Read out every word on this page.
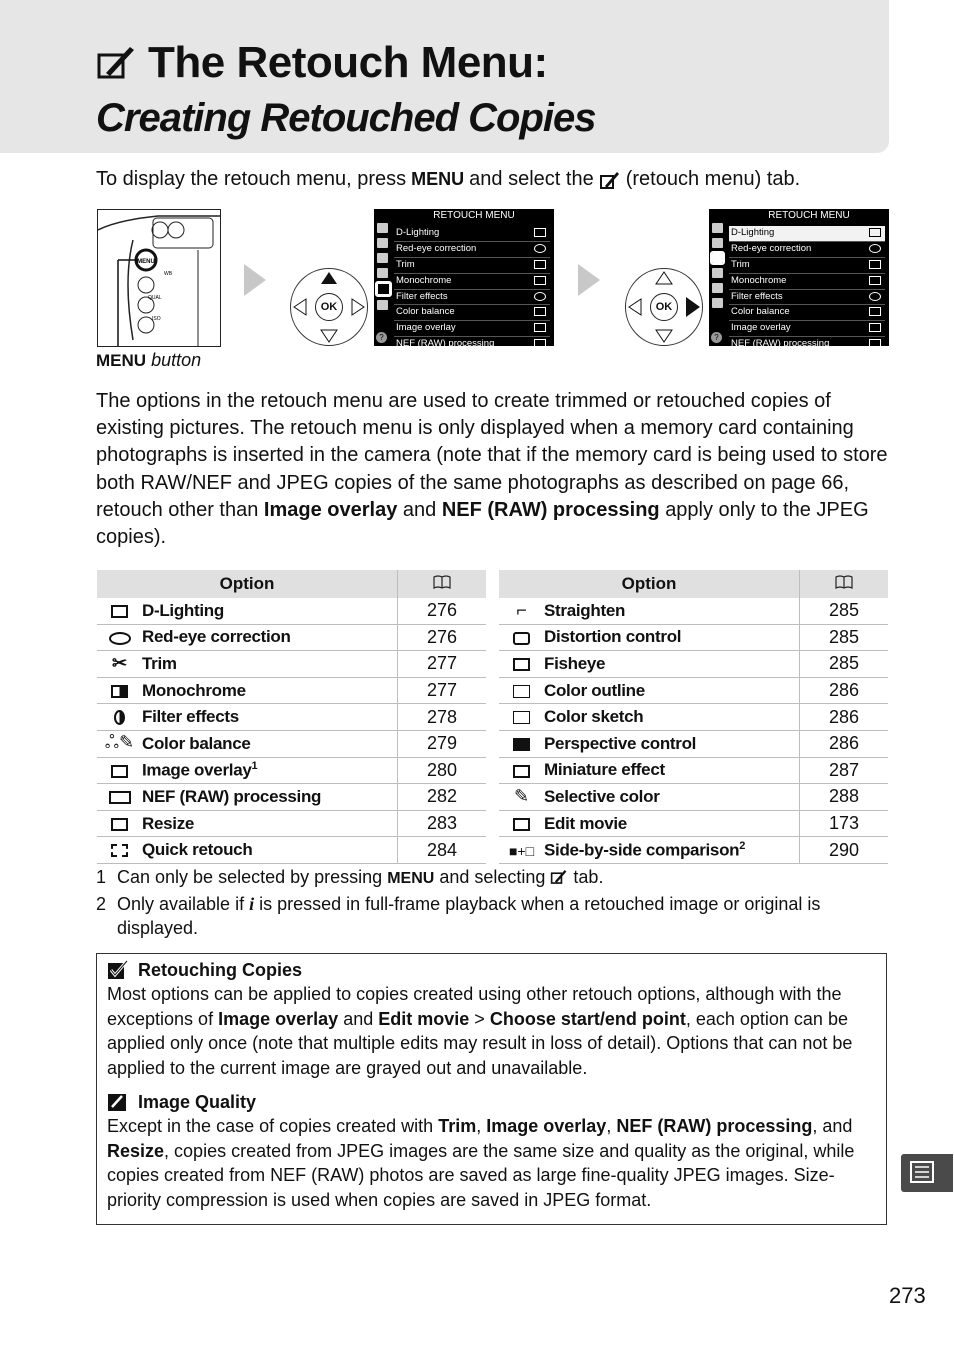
The Retouch Menu:
Creating Retouched Copies
To display the retouch menu, press MENU and select the (retouch menu) tab.
MENU
WB
QUAL
ISO
MENU button
OK
RETOUCH MENU
D-Lighting
Red-eye correction
Trim
Monochrome
Filter effects
Color balance
Image overlay
NEF (RAW) processing
?
OK
RETOUCH MENU
D-Lighting
Red-eye correction
Trim
Monochrome
Filter effects
Color balance
Image overlay
NEF (RAW) processing
?
The options in the retouch menu are used to create trimmed or retouched copies of existing pictures. The retouch menu is only displayed when a memory card containing photographs is inserted in the camera (note that if the memory card is being used to store both RAW/NEF and JPEG copies of the same photographs as described on page 66, retouch other than Image overlay and NEF (RAW) processing apply only to the JPEG copies).
Option	
	D-Lighting	276
	Red-eye correction	276
✂	Trim	277
	Monochrome	277
	Filter effects	278
ஃ✎	Color balance	279
	Image overlay$^1$	280
	NEF (RAW) processing	282
	Resize	283
	Quick retouch	284
Option	
⌐	Straighten	285
	Distortion control	285
	Fisheye	285
	Color outline	286
	Color sketch	286
	Perspective control	286
	Miniature effect	287
✎	Selective color	288
	Edit movie	173
■+□	Side-by-side comparison$^2$	290
1 Can only be selected by pressing MENU and selecting tab.
2 Only available if i is pressed in full-frame playback when a retouched image or original is displayed.
Retouching Copies

Most options can be applied to copies created using other retouch options, although with the exceptions of Image overlay and Edit movie > Choose start/end point, each option can be applied only once (note that multiple edits may result in loss of detail). Options that can not be applied to the current image are grayed out and unavailable.

Image Quality

Except in the case of copies created with Trim, Image overlay, NEF (RAW) processing, and Resize, copies created from JPEG images are the same size and quality as the original, while copies created from NEF (RAW) photos are saved as large fine-quality JPEG images. Size-priority compression is used when copies are saved in JPEG format.

273
